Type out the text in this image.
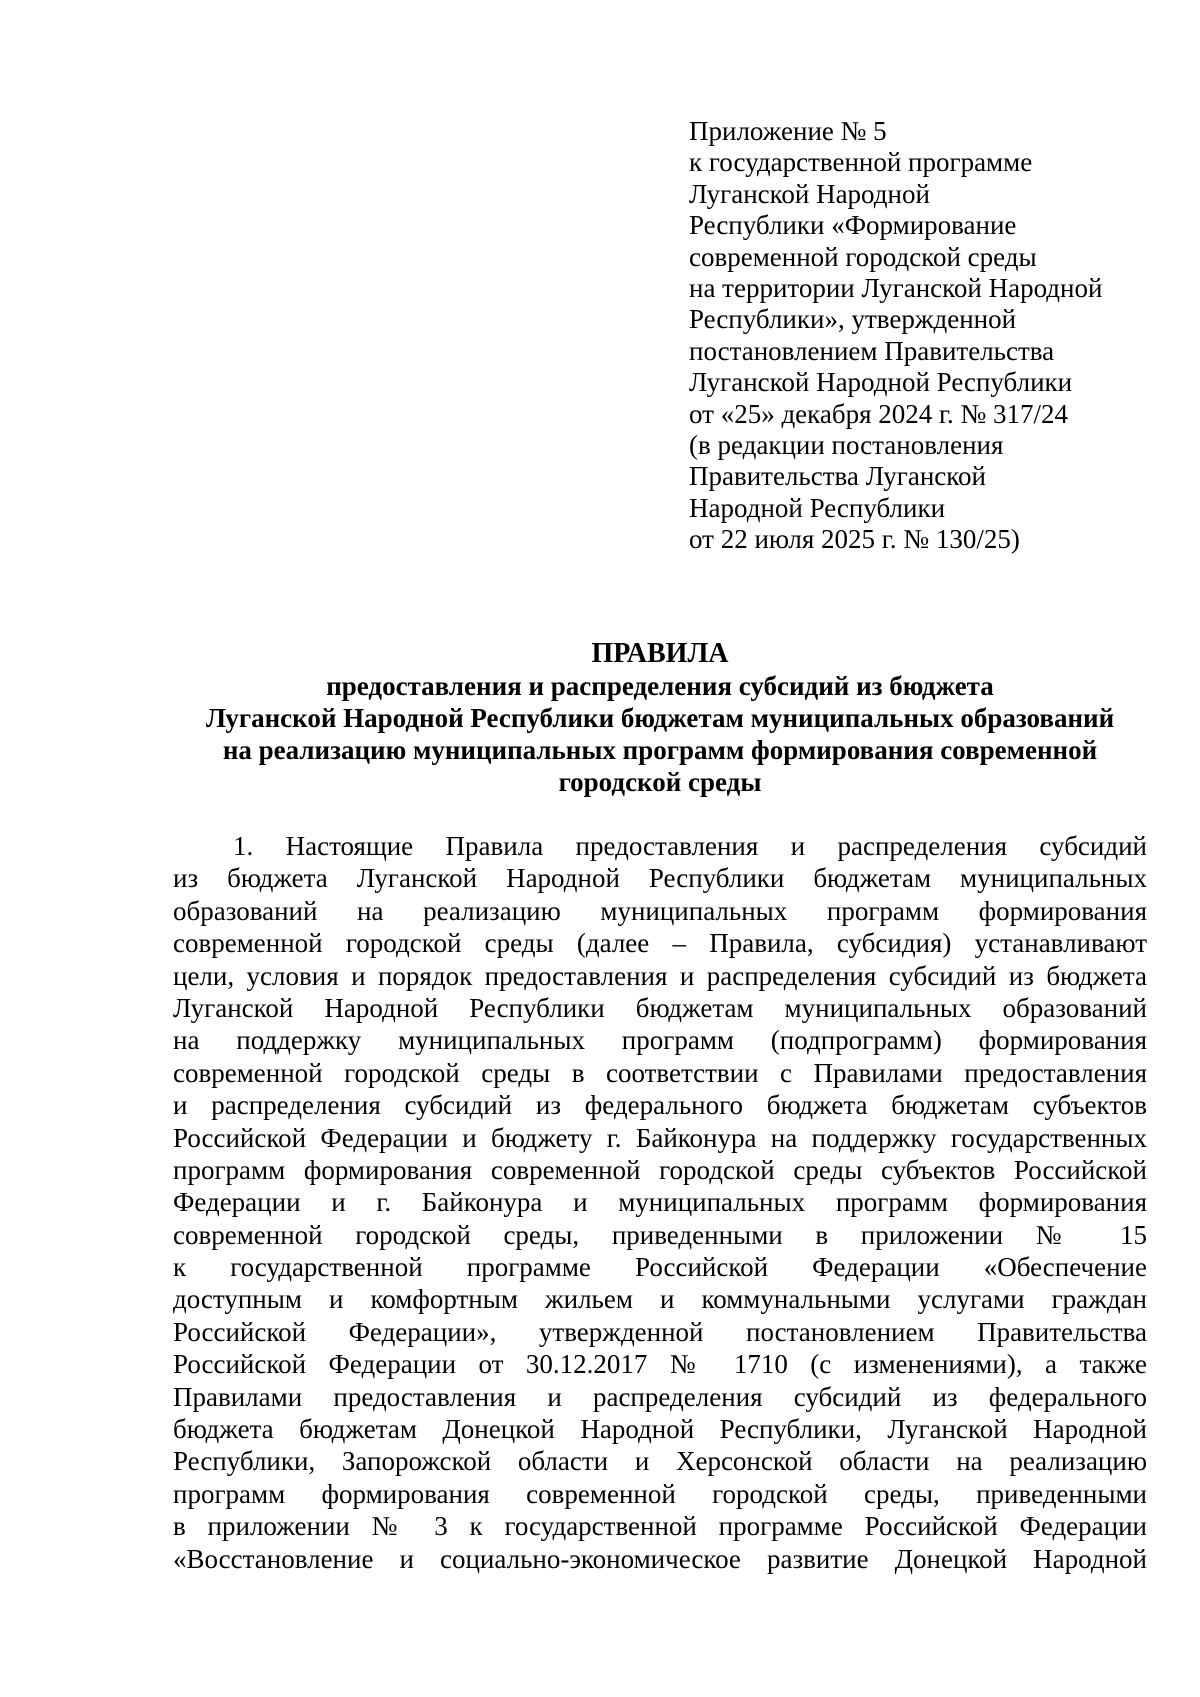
Приложение № 5
к государственной программе
Луганской Народной
Республики «Формирование
современной городской среды
на территории Луганской Народной
Республики», утвержденной
постановлением Правительства
Луганской Народной Республики
от «25» декабря 2024 г. № 317/24
(в редакции постановления
Правительства Луганской
Народной Республики
от 22 июля 2025 г. № 130/25)
ПРАВИЛА
предоставления и распределения субсидий из бюджета
Луганской Народной Республики бюджетам муниципальных образований
на реализацию муниципальных программ формирования современной
городской среды
1. Настоящие Правила предоставления и распределения субсидий
из бюджета Луганской Народной Республики бюджетам муниципальных
образований на реализацию муниципальных программ формирования
современной городской среды (далее – Правила, субсидия) устанавливают
цели, условия и порядок предоставления и распределения субсидий из бюджета
Луганской Народной Республики бюджетам муниципальных образований
на поддержку муниципальных программ (подпрограмм) формирования
современной городской среды в соответствии с Правилами предоставления
и распределения субсидий из федерального бюджета бюджетам субъектов
Российской Федерации и бюджету г. Байконура на поддержку государственных
программ формирования современной городской среды субъектов Российской
Федерации и г. Байконура и муниципальных программ формирования
современной городской среды, приведенными в приложении № 15
к государственной программе Российской Федерации «Обеспечение
доступным и комфортным жильем и коммунальными услугами граждан
Российской Федерации», утвержденной постановлением Правительства
Российской Федерации от 30.12.2017 № 1710 (с изменениями), а также
Правилами предоставления и распределения субсидий из федерального
бюджета бюджетам Донецкой Народной Республики, Луганской Народной
Республики, Запорожской области и Херсонской области на реализацию
программ формирования современной городской среды, приведенными
в приложении № 3 к государственной программе Российской Федерации
«Восстановление и социально-экономическое развитие Донецкой Народной
